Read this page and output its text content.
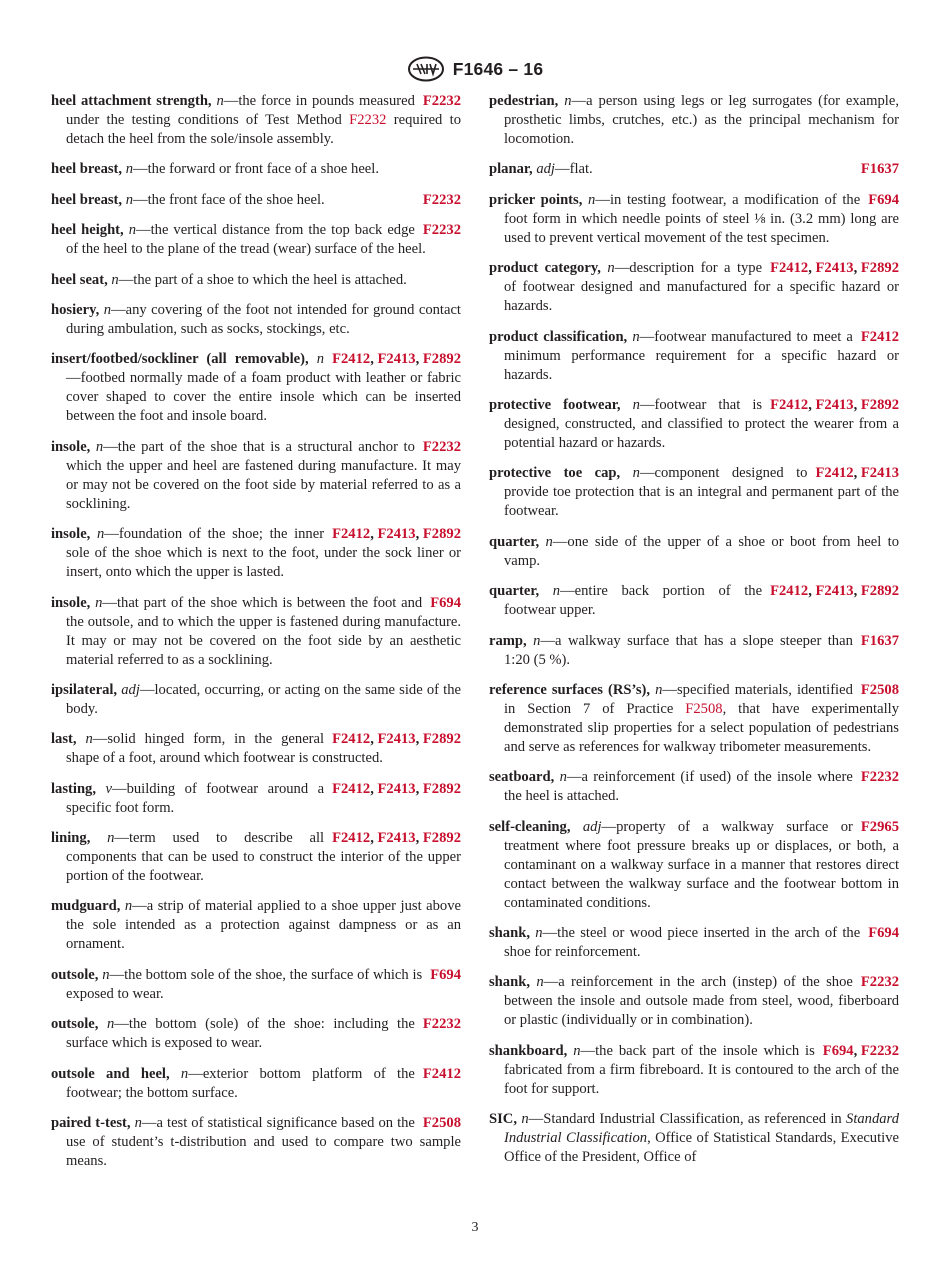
F1646 – 16

F2232
heel attachment strength, n—the force in pounds measured under the testing conditions of Test Method F2232 required to detach the heel from the sole/insole assembly.

heel breast, n—the forward or front face of a shoe heel.

F2232
heel breast, n—the front face of the shoe heel.

F2232
heel height, n—the vertical distance from the top back edge of the heel to the plane of the tread (wear) surface of the heel.

heel seat, n—the part of a shoe to which the heel is attached.

hosiery, n—any covering of the foot not intended for ground contact during ambulation, such as socks, stockings, etc.

F2412, F2413, F2892
insert/footbed/sockliner (all removable), n—footbed normally made of a foam product with leather or fabric cover shaped to cover the entire insole which can be inserted between the foot and insole board.

F2232
insole, n—the part of the shoe that is a structural anchor to which the upper and heel are fastened during manufacture. It may or may not be covered on the foot side by material referred to as a socklining.

F2412, F2413, F2892
insole, n—foundation of the shoe; the inner sole of the shoe which is next to the foot, under the sock liner or insert, onto which the upper is lasted.

F694
insole, n—that part of the shoe which is between the foot and the outsole, and to which the upper is fastened during manufacture. It may or may not be covered on the foot side by an aesthetic material referred to as a socklining.

ipsilateral, adj—located, occurring, or acting on the same side of the body.

F2412, F2413, F2892
last, n—solid hinged form, in the general shape of a foot, around which footwear is constructed.

F2412, F2413, F2892
lasting, v—building of footwear around a specific foot form.

F2412, F2413, F2892
lining, n—term used to describe all components that can be used to construct the interior of the upper portion of the footwear.

mudguard, n—a strip of material applied to a shoe upper just above the sole intended as a protection against dampness or as an ornament.

F694
outsole, n—the bottom sole of the shoe, the surface of which is exposed to wear.

F2232
outsole, n—the bottom (sole) of the shoe: including the surface which is exposed to wear.

F2412
outsole and heel, n—exterior bottom platform of the footwear; the bottom surface.

F2508
paired t-test, n—a test of statistical significance based on the use of student’s t-distribution and used to compare two sample means.

pedestrian, n—a person using legs or leg surrogates (for example, prosthetic limbs, crutches, etc.) as the principal mechanism for locomotion.

F1637
planar, adj—flat.

F694
pricker points, n—in testing footwear, a modification of the foot form in which needle points of steel ⅛ in. (3.2 mm) long are used to prevent vertical movement of the test specimen.

F2412, F2413, F2892
product category, n—description for a type of footwear designed and manufactured for a specific hazard or hazards.

F2412
product classification, n—footwear manufactured to meet a minimum performance requirement for a specific hazard or hazards.

F2412, F2413, F2892
protective footwear, n—footwear that is designed, constructed, and classified to protect the wearer from a potential hazard or hazards.

F2412, F2413
protective toe cap, n—component designed to provide toe protection that is an integral and permanent part of the footwear.

quarter, n—one side of the upper of a shoe or boot from heel to vamp.

F2412, F2413, F2892
quarter, n—entire back portion of the footwear upper.

F1637
ramp, n—a walkway surface that has a slope steeper than 1:20 (5 %).

F2508
reference surfaces (RS’s), n—specified materials, identified in Section 7 of Practice F2508, that have experimentally demonstrated slip properties for a select population of pedestrians and serve as references for walkway tribometer measurements.

F2232
seatboard, n—a reinforcement (if used) of the insole where the heel is attached.

F2965
self-cleaning, adj—property of a walkway surface or treatment where foot pressure breaks up or displaces, or both, a contaminant on a walkway surface in a manner that restores direct contact between the walkway surface and the footwear bottom in contaminated conditions.

F694
shank, n—the steel or wood piece inserted in the arch of the shoe for reinforcement.

F2232
shank, n—a reinforcement in the arch (instep) of the shoe between the insole and outsole made from steel, wood, fiberboard or plastic (individually or in combination).

F694, F2232
shankboard, n—the back part of the insole which is fabricated from a firm fibreboard. It is contoured to the arch of the foot for support.

SIC, n—Standard Industrial Classification, as referenced in Standard Industrial Classification, Office of Statistical Standards, Executive Office of the President, Office of

3
